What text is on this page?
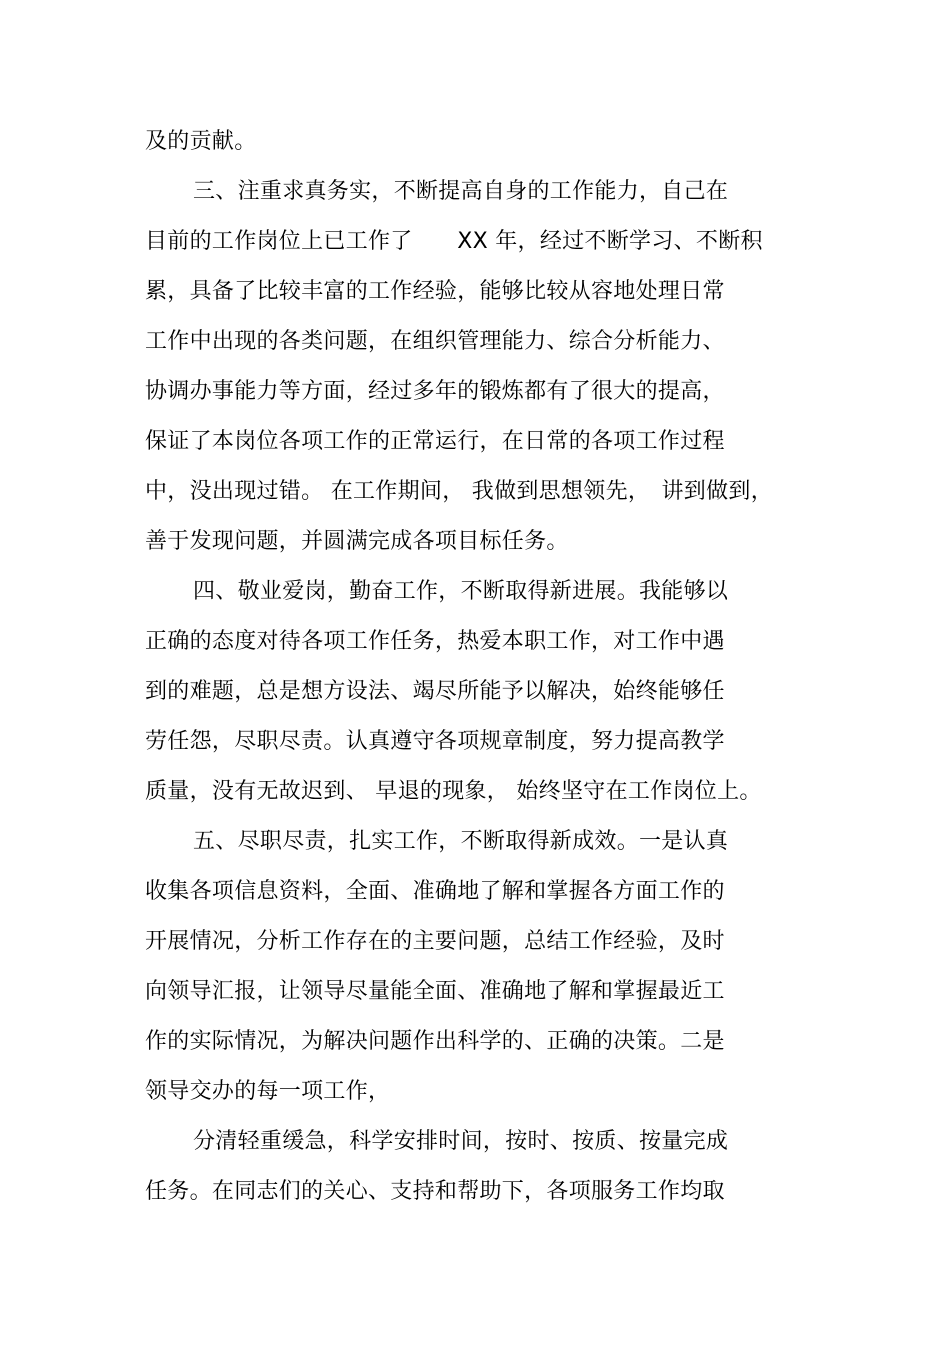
及的贡献。
三、注重求真务实，不断提高自身的工作能力，自己在
目前的工作岗位上已工作了　　XX 年，经过不断学习、不断积
累，具备了比较丰富的工作经验，能够比较从容地处理日常
工作中出现的各类问题，在组织管理能力、综合分析能力、
协调办事能力等方面，经过多年的锻炼都有了很大的提高，
保证了本岗位各项工作的正常运行，在日常的各项工作过程
中，没出现过错。 在工作期间， 我做到思想领先，　讲到做到，
善于发现问题，并圆满完成各项目标任务。
四、敬业爱岗，勤奋工作，不断取得新进展。我能够以
正确的态度对待各项工作任务，热爱本职工作，对工作中遇
到的难题，总是想方设法、竭尽所能予以解决，始终能够任
劳任怨，尽职尽责。认真遵守各项规章制度，努力提高教学
质量，没有无故迟到、 早退的现象， 始终坚守在工作岗位上。
五、尽职尽责，扎实工作，不断取得新成效。一是认真
收集各项信息资料，全面、准确地了解和掌握各方面工作的
开展情况，分析工作存在的主要问题，总结工作经验，及时
向领导汇报，让领导尽量能全面、准确地了解和掌握最近工
作的实际情况，为解决问题作出科学的、正确的决策。二是
领导交办的每一项工作，
分清轻重缓急，科学安排时间，按时、按质、按量完成
任务。在同志们的关心、支持和帮助下，各项服务工作均取
